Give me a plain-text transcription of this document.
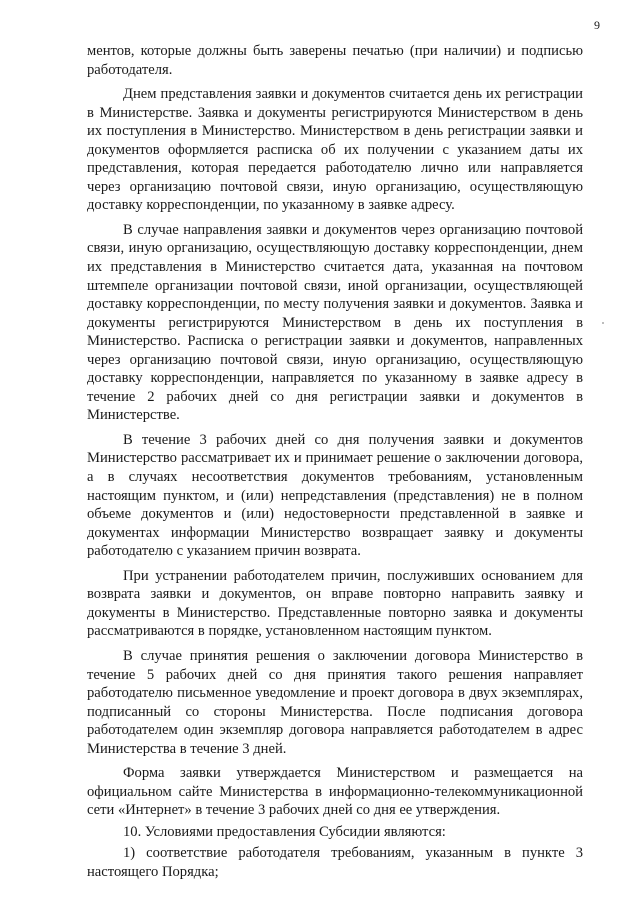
9

ментов, которые должны быть заверены печатью (при наличии) и подписью работодателя.

Днем представления заявки и документов считается день их регистрации в Министерстве. Заявка и документы регистрируются Министерством в день их поступления в Министерство. Министерством в день регистрации заявки и документов оформляется расписка об их получении с указанием даты их представления, которая передается работодателю лично или направляется через организацию почтовой связи, иную организацию, осуществляющую доставку корреспонденции, по указанному в заявке адресу.

В случае направления заявки и документов через организацию почтовой связи, иную организацию, осуществляющую доставку корреспонденции, днем их представления в Министерство считается дата, указанная на почтовом штемпеле организации почтовой связи, иной организации, осуществляющей доставку корреспонденции, по месту получения заявки и документов. Заявка и документы регистрируются Министерством в день их поступления в Министерство. Расписка о регистрации заявки и документов, направленных через организацию почтовой связи, иную организацию, осуществляющую доставку корреспонденции, направляется по указанному в заявке адресу в течение 2 рабочих дней со дня регистрации заявки и документов в Министерстве.

В течение 3 рабочих дней со дня получения заявки и документов Министерство рассматривает их и принимает решение о заключении договора, а в случаях несоответствия документов требованиям, установленным настоящим пунктом, и (или) непредставления (представления) не в полном объеме документов и (или) недостоверности представленной в заявке и документах информации Министерство возвращает заявку и документы работодателю с указанием причин возврата.

При устранении работодателем причин, послуживших основанием для возврата заявки и документов, он вправе повторно направить заявку и документы в Министерство. Представленные повторно заявка и документы рассматриваются в порядке, установленном настоящим пунктом.

В случае принятия решения о заключении договора Министерство в течение 5 рабочих дней со дня принятия такого решения направляет работодателю письменное уведомление и проект договора в двух экземплярах, подписанный со стороны Министерства. После подписания договора работодателем один экземпляр договора направляется работодателем в адрес Министерства в течение 3 дней.

Форма заявки утверждается Министерством и размещается на официальном сайте Министерства в информационно-телекоммуникационной сети «Интернет» в течение 3 рабочих дней со дня ее утверждения.

10. Условиями предоставления Субсидии являются:

1) соответствие работодателя требованиям, указанным в пункте 3 настоящего Порядка;
